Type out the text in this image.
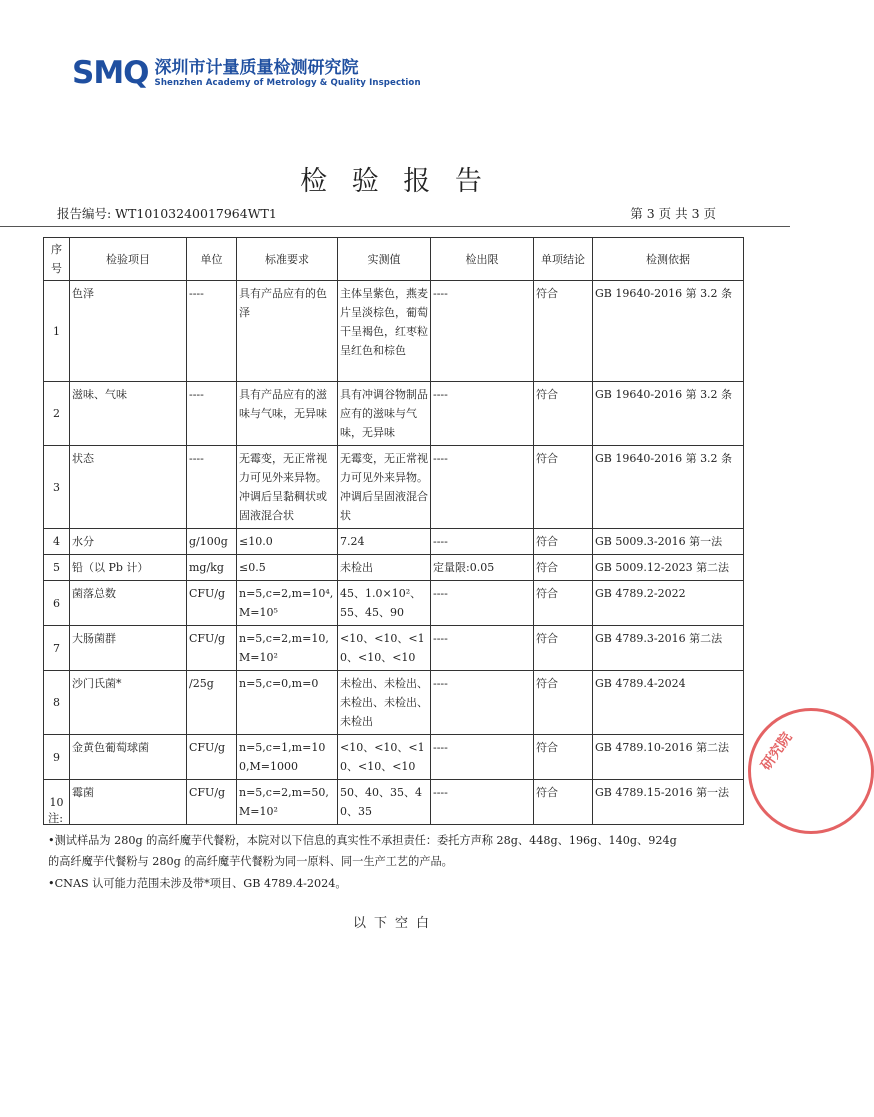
SMQ 深圳市计量质量检测研究院
Shenzhen Academy of Metrology & Quality Inspection
检 验 报 告
报告编号: WT10103240017964WT1	第 3 页 共 3 页
序号	检验项目	单位	标准要求	实测值	检出限	单项结论	检测依据
1	色泽	----	具有产品应有的色泽	主体呈紫色，燕麦片呈淡棕色，葡萄干呈褐色，红枣粒呈红色和棕色	----	符合	GB 19640-2016 第 3.2 条
2	滋味、气味	----	具有产品应有的滋味与气味，无异味	具有冲调谷物制品应有的滋味与气味，无异味	----	符合	GB 19640-2016 第 3.2 条
3	状态	----	无霉变，无正常视力可见外来异物。冲调后呈黏稠状或固液混合状	无霉变，无正常视力可见外来异物。冲调后呈固液混合状	----	符合	GB 19640-2016 第 3.2 条
4	水分	g/100g	≤10.0	7.24	----	符合	GB 5009.3-2016 第一法
5	铅（以 Pb 计）	mg/kg	≤0.5	未检出	定量限:0.05	符合	GB 5009.12-2023 第二法
6	菌落总数	CFU/g	n=5,c=2,m=10⁴,M=10⁵	45、1.0×10²、55、45、90	----	符合	GB 4789.2-2022
7	大肠菌群	CFU/g	n=5,c=2,m=10,M=10²	<10、<10、<10、<10、<10	----	符合	GB 4789.3-2016 第二法
8	沙门氏菌*	/25g	n=5,c=0,m=0	未检出、未检出、未检出、未检出、未检出	----	符合	GB 4789.4-2024
9	金黄色葡萄球菌	CFU/g	n=5,c=1,m=100,M=1000	<10、<10、<10、<10、<10	----	符合	GB 4789.10-2016 第二法
10	霉菌	CFU/g	n=5,c=2,m=50,M=10²	50、40、35、40、35	----	符合	GB 4789.15-2016 第一法
注:
•测试样品为 280g 的高纤魔芋代餐粉，本院对以下信息的真实性不承担责任：委托方声称 28g、448g、196g、140g、924g
的高纤魔芋代餐粉与 280g 的高纤魔芋代餐粉为同一原料、同一生产工艺的产品。
•CNAS 认可能力范围未涉及带*项目、GB 4789.4-2024。
以下空白
研究院
